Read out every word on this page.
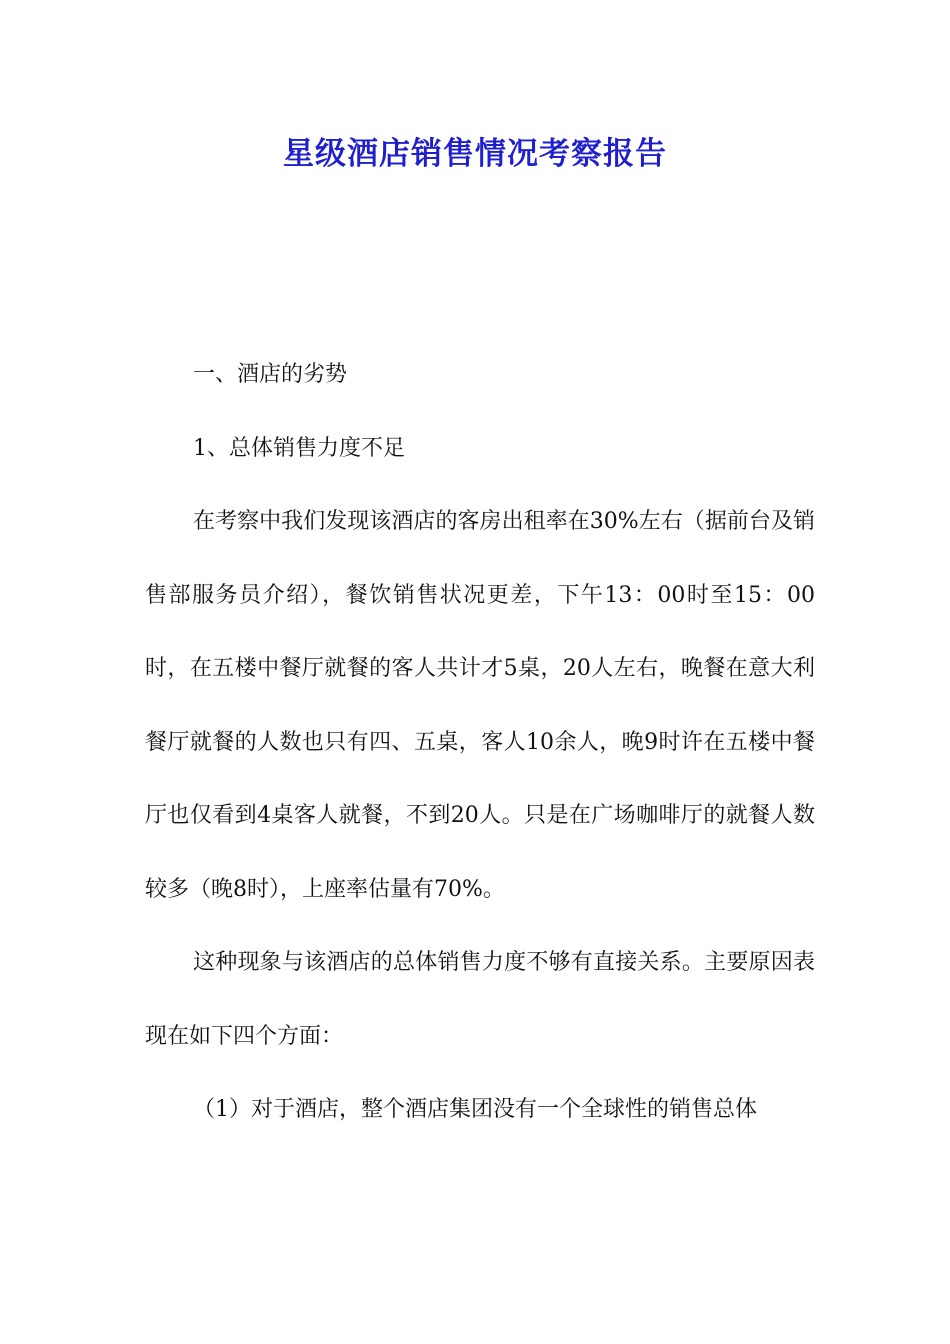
星级酒店销售情况考察报告

一、酒店的劣势

1、总体销售力度不足

在考察中我们发现该酒店的客房出租率在30%左右（据前台及销售部服务员介绍），餐饮销售状况更差，下午13：00时至15：00时，在五楼中餐厅就餐的客人共计才5桌，20人左右，晚餐在意大利餐厅就餐的人数也只有四、五桌，客人10余人，晚9时许在五楼中餐厅也仅看到4桌客人就餐，不到20人。只是在广场咖啡厅的就餐人数较多（晚8时），上座率估量有70%。

这种现象与该酒店的总体销售力度不够有直接关系。主要原因表现在如下四个方面：

（1）对于酒店，整个酒店集团没有一个全球性的销售总体
